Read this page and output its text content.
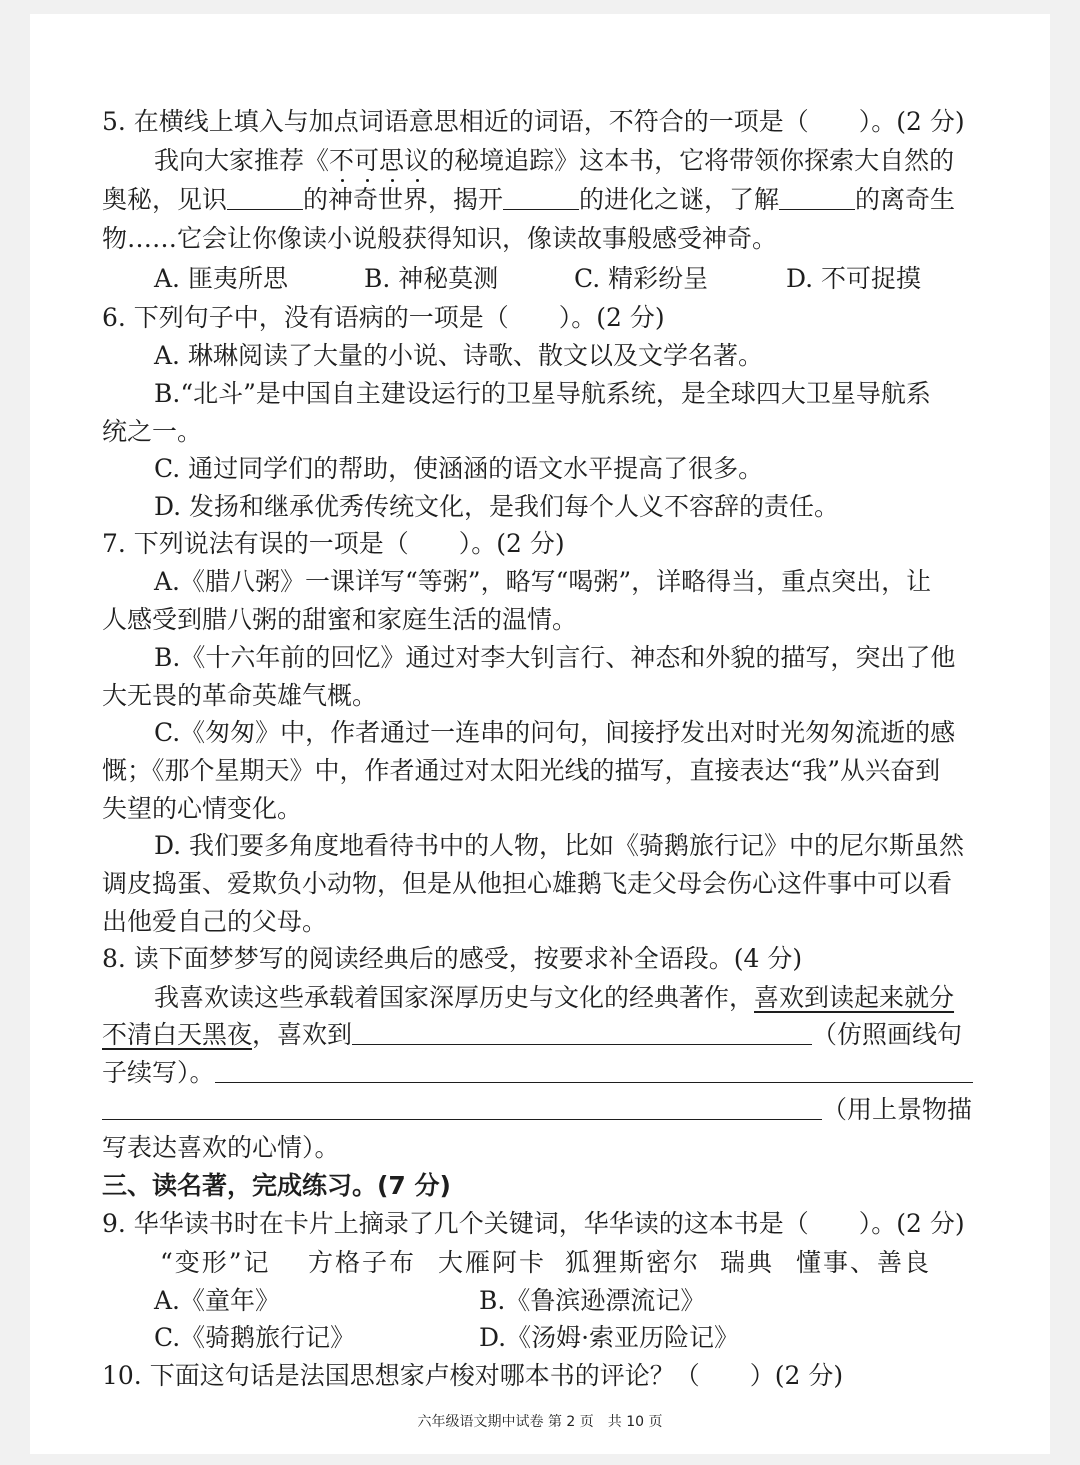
5. 在横线上填入与加点词语意思相近的词语，不符合的一项是（　　）。(2 分)
我向大家推荐《不可思议的秘境追踪》这本书，它将带领你探索大自然的
奥秘，见识	的神奇世界，揭开	的进化之谜，了解	的离奇生
物……它会让你像读小说般获得知识，像读故事般感受神奇。
A. 匪夷所思	B. 神秘莫测	C. 精彩纷呈	D. 不可捉摸
6. 下列句子中，没有语病的一项是（　　）。(2 分)
A. 琳琳阅读了大量的小说、诗歌、散文以及文学名著。
B.“北斗”是中国自主建设运行的卫星导航系统，是全球四大卫星导航系
统之一。
C. 通过同学们的帮助，使涵涵的语文水平提高了很多。
D. 发扬和继承优秀传统文化，是我们每个人义不容辞的责任。
7. 下列说法有误的一项是（　　）。(2 分)
A.《腊八粥》一课详写“等粥”，略写“喝粥”，详略得当，重点突出，让
人感受到腊八粥的甜蜜和家庭生活的温情。
B.《十六年前的回忆》通过对李大钊言行、神态和外貌的描写，突出了他
大无畏的革命英雄气概。
C.《匆匆》中，作者通过一连串的问句，间接抒发出对时光匆匆流逝的感
慨；《那个星期天》中，作者通过对太阳光线的描写，直接表达“我”从兴奋到
失望的心情变化。
D. 我们要多角度地看待书中的人物，比如《骑鹅旅行记》中的尼尔斯虽然
调皮捣蛋、爱欺负小动物，但是从他担心雄鹅飞走父母会伤心这件事中可以看
出他爱自己的父母。
8. 读下面梦梦写的阅读经典后的感受，按要求补全语段。(4 分)
我喜欢读这些承载着国家深厚历史与文化的经典著作，喜欢到读起来就分
不清白天黑夜，喜欢到	（仿照画线句
子续写）。
（用上景物描
写表达喜欢的心情）。
三、读名著，完成练习。(7 分)
9. 华华读书时在卡片上摘录了几个关键词，华华读的这本书是（　　）。(2 分)
“变形”记 方格子布 大雁阿卡 狐狸斯密尔 瑞典 懂事、善良
A.《童年》	B.《鲁滨逊漂流记》
C.《骑鹅旅行记》	D.《汤姆·索亚历险记》
10. 下面这句话是法国思想家卢梭对哪本书的评论？（　　）(2 分)
六年级语文期中试卷 第 2 页　共 10 页
